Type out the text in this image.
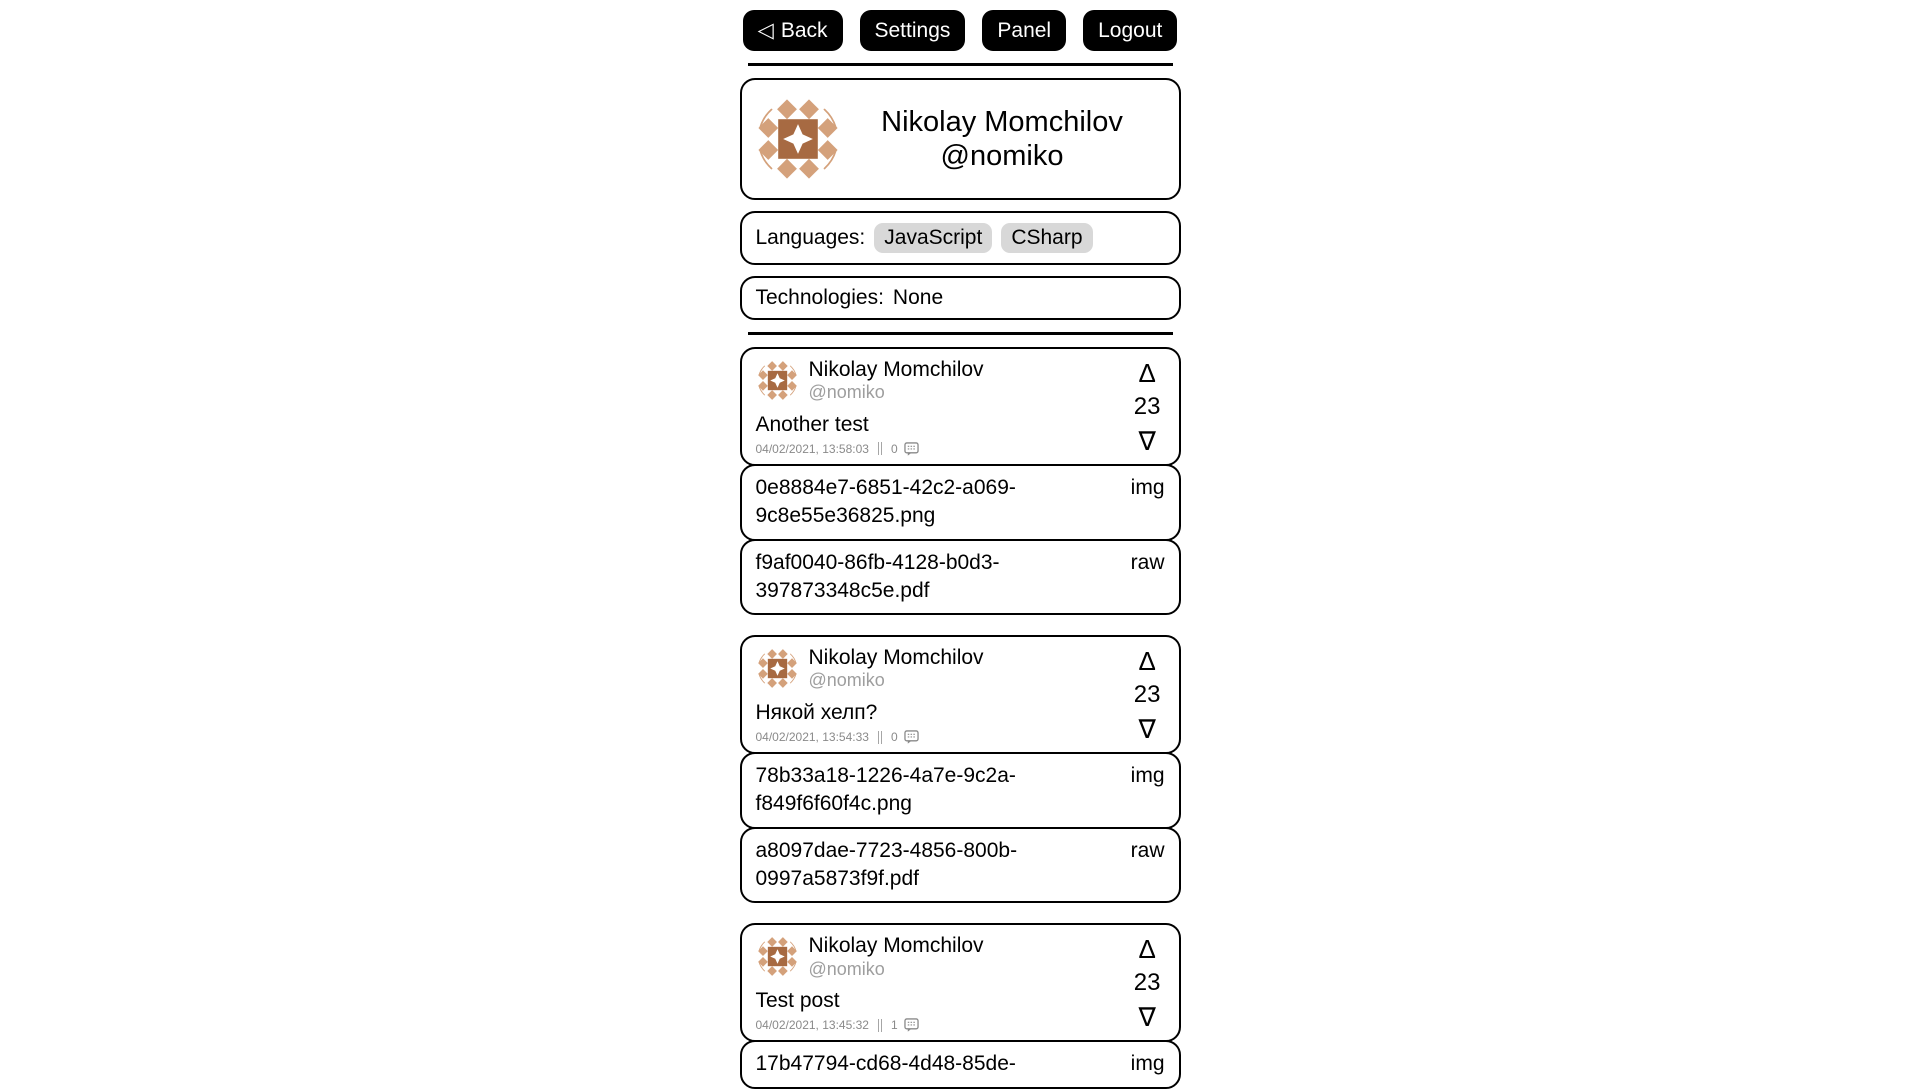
◁ Back	Settings	Panel	Logout
Nikolay Momchilov
@nomiko
Languages: JavaScript	CSharp
Technologies: None
Nikolay Momchilov
@nomiko
Another test
04/02/2021, 13:58:03 0
Δ
23
∇
0e8884e7-6851-42c2-a069-9c8e55e36825.png
img
f9af0040-86fb-4128-b0d3-397873348c5e.pdf
raw
Nikolay Momchilov
@nomiko
Някой хелп?
04/02/2021, 13:54:33 0
Δ
23
∇
78b33a18-1226-4a7e-9c2a-f849f6f60f4c.png
img
a8097dae-7723-4856-800b-0997a5873f9f.pdf
raw
Nikolay Momchilov
@nomiko
Test post
04/02/2021, 13:45:32 1
Δ
23
∇
17b47794-cd68-4d48-85de-	img
